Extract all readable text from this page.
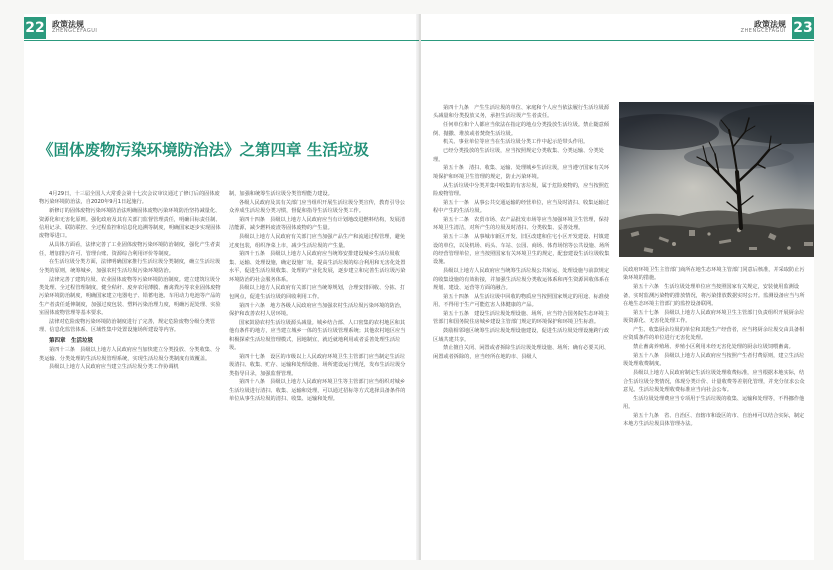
22 政策法规
ZHENGCEFAGUI
《固体废物污染环境防治法》之第四章 生活垃圾

4月29日，十三届全国人大常委会第十七次会议审议通过了修订后的固体废物污染环境防治法，自2020年9月1日起施行。

新修订的固体废物污染环境防治法明确固体废物污染环境防治坚持减量化、资源化和无害化原则。强化政府及其有关部门监督管理责任，明确目标责任制、信用记录、联防联控、全过程监控和信息化追溯等制度，明确国家逐步实现固体废物零进口。

从具体方面看，法律完善了工业固体废物污染环境防治制度，强化产生者责任，增加排污许可、管理台账、资源综合利用评价等制度。

在生活垃圾分类方面，法律明确国家推行生活垃圾分类制度，确立生活垃圾分类的原则，统筹城乡，加强农村生活垃圾污染环境防治。

法律完善了建筑垃圾、农业固体废物等污染环境防治制度。建立建筑垃圾分类处理、全过程管理制度，健全秸秆、废弃农用薄膜、畜禽粪污等农业固体废物污染环境防治制度，明确国家建立电器电子、铅蓄电池、车用动力电池等产品的生产者责任延伸制度，加强过度包装、塑料污染治理力度，明确污泥处理、实验室固体废物管理等基本要求。

法律对危险废物污染环境防治制度进行了完善，规定危险废物分级分类管理、信息化监管体系、区域性集中处置设施场所建设等内容。

第四章　生活垃圾

第四十三条　县级以上地方人民政府应当加快建立分类投放、分类收集、分类运输、分类处理的生活垃圾管理系统，实现生活垃圾分类制度有效覆盖。

县级以上地方人民政府应当建立生活垃圾分类工作协调机

制，加强和统筹生活垃圾分类管理能力建设。

各级人民政府及其有关部门应当组织开展生活垃圾分类宣传，教育引导公众养成生活垃圾分类习惯，督促和指导生活垃圾分类工作。

第四十四条　县级以上地方人民政府应当有计划地改进燃料结构，发展清洁能源，减少燃料废渣等固体废物的产生量。

县级以上地方人民政府有关部门应当加强产品生产和流通过程管理，避免过度包装，组织净菜上市，减少生活垃圾的产生量。

第四十五条　县级以上地方人民政府应当统筹安排建设城乡生活垃圾收集、运输、处理设施，确定设施厂址，提高生活垃圾的综合利用和无害化处置水平，促进生活垃圾收集、处理的产业化发展，逐步建立和完善生活垃圾污染环境防治的社会服务体系。

县级以上地方人民政府有关部门应当统筹规划，合理安排回收、分拣、打包网点，促进生活垃圾的回收利用工作。

第四十六条　地方各级人民政府应当加强农村生活垃圾污染环境的防治，保护和改善农村人居环境。

国家鼓励农村生活垃圾源头减量。城乡结合部、人口密集的农村地区和其他有条件的地方，应当建立城乡一体的生活垃圾管理系统；其他农村地区应当积极探索生活垃圾管理模式，因地制宜，就近就地利用或者妥善处理生活垃圾。

第四十七条　设区的市级以上人民政府环境卫生主管部门应当制定生活垃圾清扫、收集、贮存、运输和处理设施、场所建设运行规范，发布生活垃圾分类指导目录，加强监督管理。

第四十八条　县级以上地方人民政府环境卫生等主管部门应当组织对城乡生活垃圾进行清扫、收集、运输和处理，可以通过招标等方式选择具备条件的单位从事生活垃圾的清扫、收集、运输和处理。

23
政策法规
ZHENGCEFAGUI

第四十九条　产生生活垃圾的单位、家庭和个人应当依法履行生活垃圾源头减量和分类投放义务，承担生活垃圾产生者责任。

任何单位和个人都应当依法在指定的地点分类投放生活垃圾。禁止随意倾倒、抛撒、堆放或者焚烧生活垃圾。

机关、事业单位等应当在生活垃圾分类工作中起示范带头作用。

已经分类投放的生活垃圾，应当按照规定分类收集、分类运输、分类处理。

第五十条　清扫、收集、运输、处理城乡生活垃圾，应当遵守国家有关环境保护和环境卫生管理的规定，防止污染环境。

从生活垃圾中分类并集中收集的有害垃圾，属于危险废物的，应当按照危险废物管理。

第五十一条　从事公共交通运输的经营单位，应当及时清扫、收集运输过程中产生的生活垃圾。

第五十二条　农贸市场、农产品批发市场等应当加强环境卫生管理，保持环境卫生清洁，对所产生的垃圾及时清扫、分类收集、妥善处理。

第五十三条　从事城市新区开发、旧区改建和住宅小区开发建设、村镇建设的单位，以及机场、码头、车站、公园、商场、体育场馆等公共设施、场所的经营管理单位，应当按照国家有关环境卫生的规定，配套建设生活垃圾收集设施。

县级以上地方人民政府应当统筹生活垃圾公共转运、处理设施与前款规定的收集设施的有效衔接，并加强生活垃圾分类收运体系和再生资源回收体系在规划、建设、运营等方面的融合。

第五十四条　从生活垃圾中回收的物质应当按照国家规定的用途、标准使用，不得用于生产可能危害人体健康的产品。

第五十五条　建设生活垃圾处理设施、场所，应当符合国务院生态环境主管部门和国务院住房城乡建设主管部门规定的环境保护和环境卫生标准。

鼓励相邻地区统筹生活垃圾处理设施建设，促进生活垃圾处理设施跨行政区域共建共享。

禁止擅自关闭、闲置或者拆除生活垃圾处理设施、场所；确有必要关闭、闲置或者拆除的，应当经所在地的市、县级人

民政府环境卫生主管部门商所在地生态环境主管部门同意后核准，并采取防止污染环境的措施。

第五十六条　生活垃圾处理单位应当按照国家有关规定，安装使用监测设备，实时监测污染物的排放情况，将污染排放数据实时公开。监测设备应当与所在地生态环境主管部门的监控设备联网。

第五十七条　县级以上地方人民政府环境卫生主管部门负责组织开展厨余垃圾资源化、无害化处理工作。

产生、收集厨余垃圾的单位和其他生产经营者，应当将厨余垃圾交由具备相应资质条件的单位进行无害化处理。

禁止畜禽养殖场、养殖小区利用未经无害化处理的厨余垃圾饲喂畜禽。

第五十八条　县级以上地方人民政府应当按照产生者付费原则，建立生活垃圾处理收费制度。

县级以上地方人民政府制定生活垃圾处理收费标准，应当根据本地实际，结合生活垃圾分类情况，体现分类计价、计量收费等差别化管理，并充分征求公众意见。生活垃圾处理收费标准应当向社会公布。

生活垃圾处理费应当专项用于生活垃圾的收集、运输和处理等，不得挪作他用。

第五十九条　省、自治区、直辖市和设区的市、自治州可以结合实际，制定本地方生活垃圾具体管理办法。
